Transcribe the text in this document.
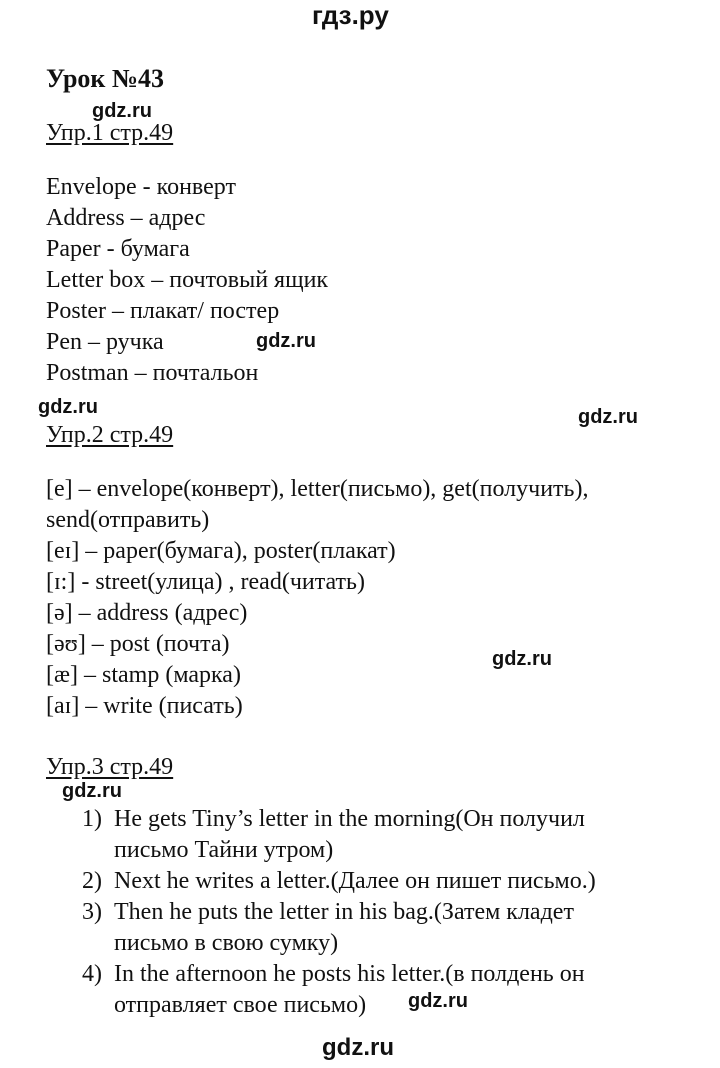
гдз.ру
Урок №43
gdz.ru
Упр.1 стр.49
Envelope - конверт
Address – адрес
Paper - бумага
Letter box – почтовый ящик
Poster – плакат/ постер
Pen – ручка	gdz.ru
Postman – почтальон
gdz.ru	gdz.ru
Упр.2 стр.49
[e] – envelope(конверт), letter(письмо), get(получить),
send(отправить)
[eɪ] – paper(бумага), poster(плакат)
[ɪ:] - street(улица) , read(читать)
[ə] – address (адрес)
[əʊ] – post (почта)
gdz.ru
[æ] – stamp (марка)
[aɪ] – write (писать)
Упр.3 стр.49
gdz.ru
1) He gets Tiny’s letter in the morning(Он получил
письмо Тайни утром)
2) Next he writes a letter.(Далее он пишет письмо.)
3) Then he puts the letter in his bag.(Затем кладет
письмо в свою сумку)
4) In the afternoon he posts his letter.(в полдень он
отправляет свое письмо) gdz.ru
gdz.ru
